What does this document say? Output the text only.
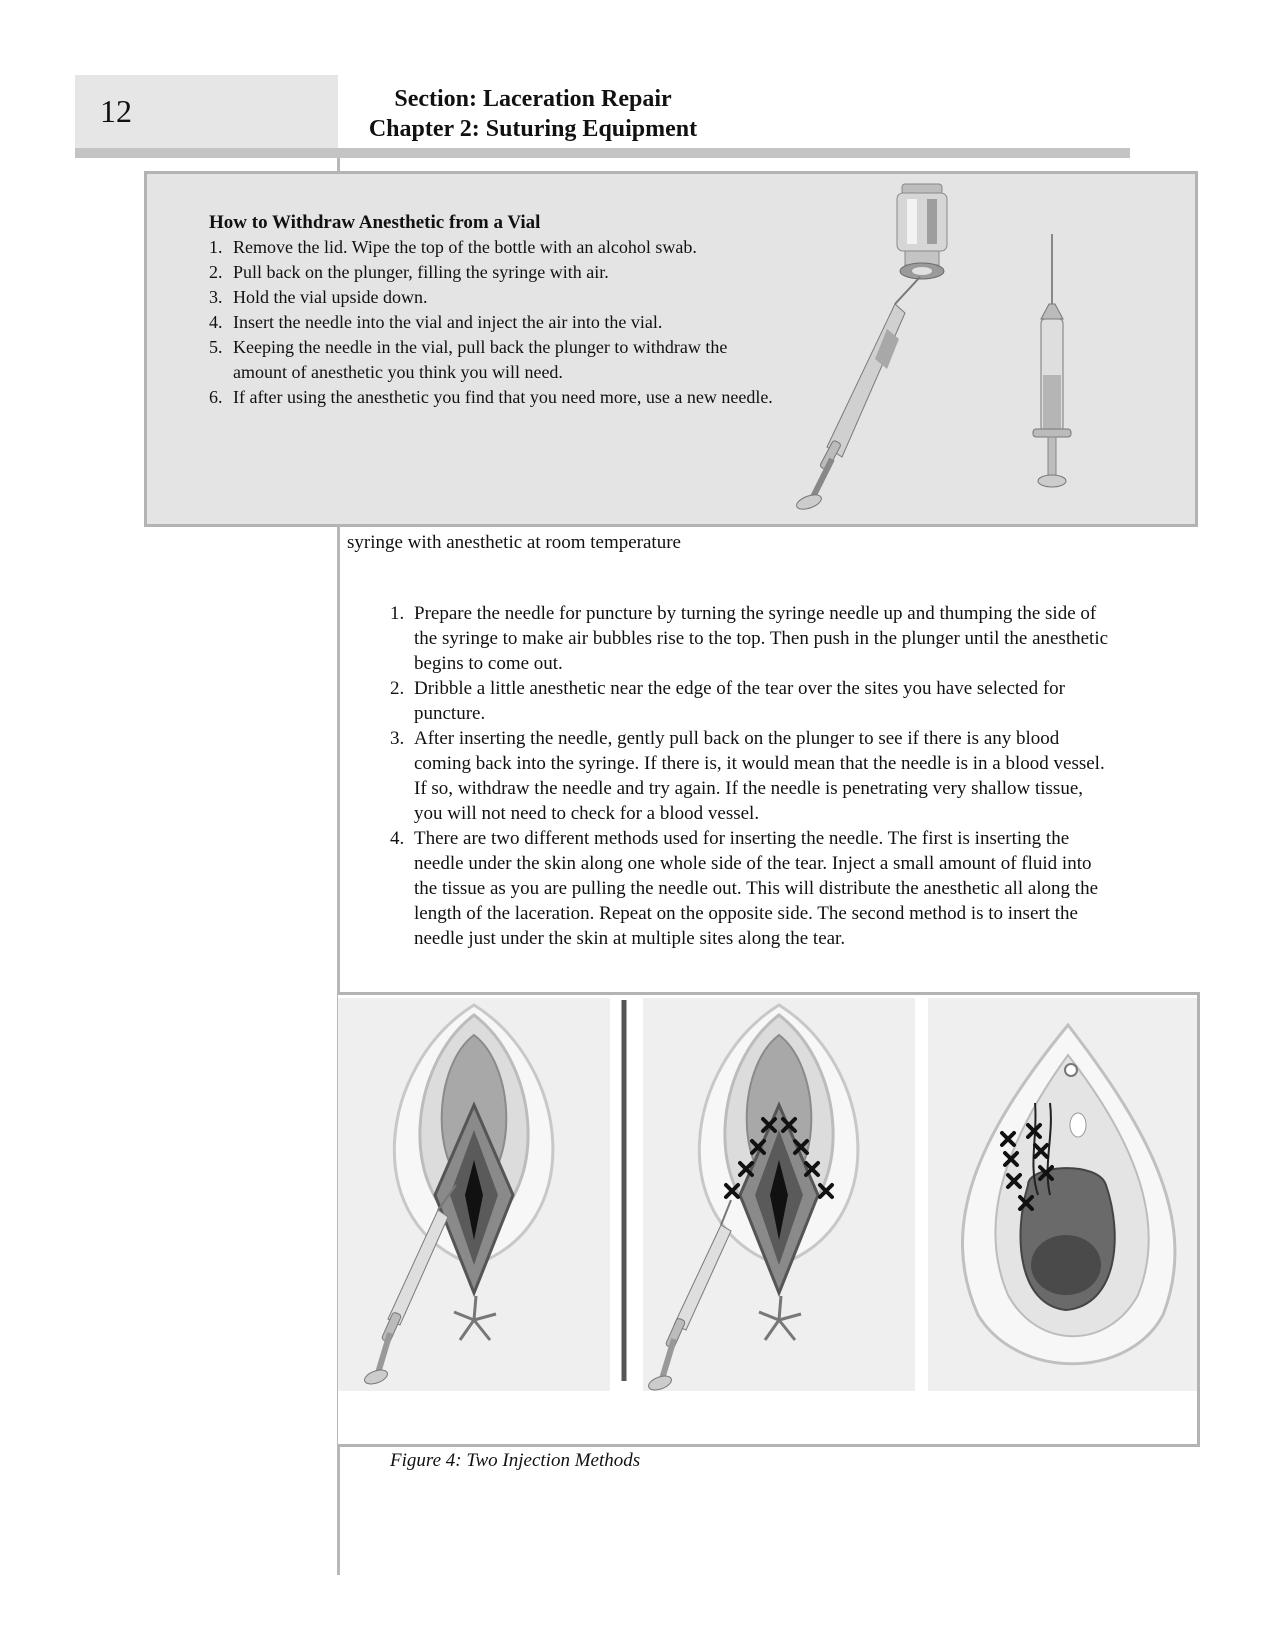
12	Section: Laceration Repair
Chapter 2: Suturing Equipment
How to Withdraw Anesthetic from a Vial
1. Remove the lid. Wipe the top of the bottle with an alcohol swab.
2. Pull back on the plunger, filling the syringe with air.
3. Hold the vial upside down.
4. Insert the needle into the vial and inject the air into the vial.
5. Keeping the needle in the vial, pull back the plunger to withdraw the amount of anesthetic you think you will need.
6. If after using the anesthetic you find that you need more, use a new needle.
syringe with anesthetic at room temperature
1. Prepare the needle for puncture by turning the syringe needle up and thumping the side of the syringe to make air bubbles rise to the top. Then push in the plunger until the anesthetic begins to come out.
2. Dribble a little anesthetic near the edge of the tear over the sites you have selected for puncture.
3. After inserting the needle, gently pull back on the plunger to see if there is any blood coming back into the syringe. If there is, it would mean that the needle is in a blood vessel. If so, withdraw the needle and try again. If the needle is penetrating very shallow tissue, you will not need to check for a blood vessel.
4. There are two different methods used for inserting the needle. The first is inserting the needle under the skin along one whole side of the tear. Inject a small amount of fluid into the tissue as you are pulling the needle out. This will distribute the anesthetic all along the length of the laceration. Repeat on the opposite side. The second method is to insert the needle just under the skin at multiple sites along the tear.
Figure 4: Two Injection Methods
